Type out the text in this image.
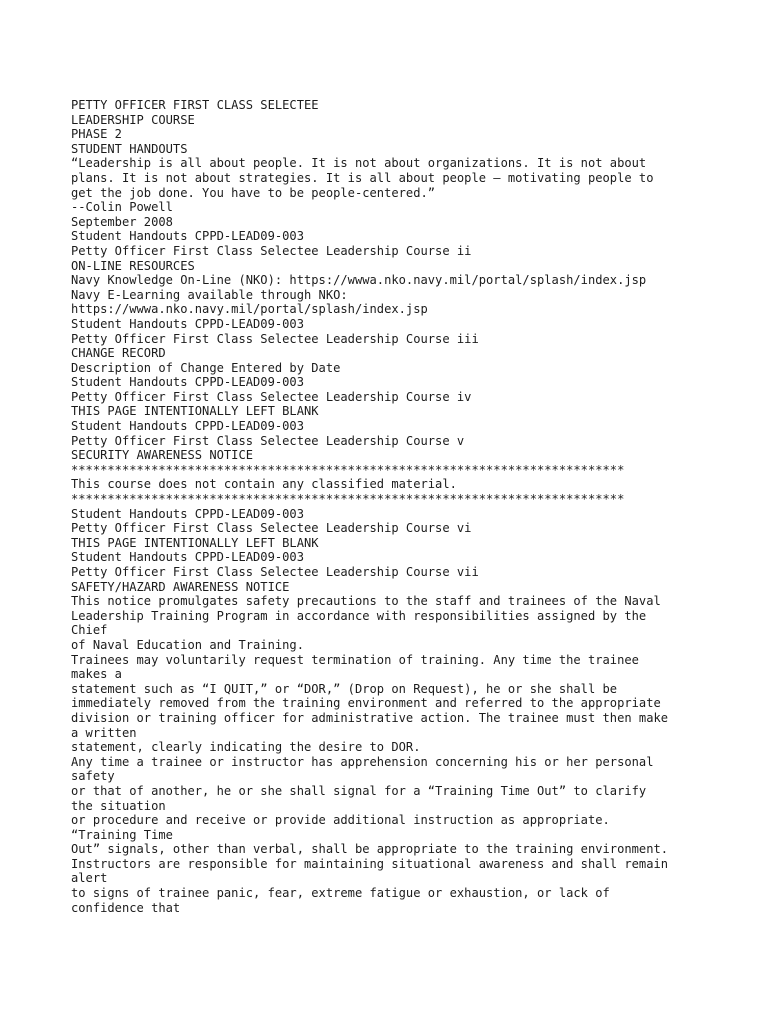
PETTY OFFICER FIRST CLASS SELECTEE
LEADERSHIP COURSE
PHASE 2
STUDENT HANDOUTS
“Leadership is all about people. It is not about organizations. It is not about
plans. It is not about strategies. It is all about people – motivating people to
get the job done. You have to be people-centered.”
--Colin Powell
September 2008
Student Handouts CPPD-LEAD09-003
Petty Officer First Class Selectee Leadership Course ii
ON-LINE RESOURCES
Navy Knowledge On-Line (NKO): https://wwwa.nko.navy.mil/portal/splash/index.jsp
Navy E-Learning available through NKO:
https://wwwa.nko.navy.mil/portal/splash/index.jsp
Student Handouts CPPD-LEAD09-003
Petty Officer First Class Selectee Leadership Course iii
CHANGE RECORD
Description of Change Entered by Date
Student Handouts CPPD-LEAD09-003
Petty Officer First Class Selectee Leadership Course iv
THIS PAGE INTENTIONALLY LEFT BLANK
Student Handouts CPPD-LEAD09-003
Petty Officer First Class Selectee Leadership Course v
SECURITY AWARENESS NOTICE
****************************************************************************
This course does not contain any classified material.
****************************************************************************
Student Handouts CPPD-LEAD09-003
Petty Officer First Class Selectee Leadership Course vi
THIS PAGE INTENTIONALLY LEFT BLANK
Student Handouts CPPD-LEAD09-003
Petty Officer First Class Selectee Leadership Course vii
SAFETY/HAZARD AWARENESS NOTICE
This notice promulgates safety precautions to the staff and trainees of the Naval
Leadership Training Program in accordance with responsibilities assigned by the
Chief
of Naval Education and Training.
Trainees may voluntarily request termination of training. Any time the trainee
makes a
statement such as “I QUIT,” or “DOR,” (Drop on Request), he or she shall be
immediately removed from the training environment and referred to the appropriate
division or training officer for administrative action. The trainee must then make
a written
statement, clearly indicating the desire to DOR.
Any time a trainee or instructor has apprehension concerning his or her personal
safety
or that of another, he or she shall signal for a “Training Time Out” to clarify
the situation
or procedure and receive or provide additional instruction as appropriate.
“Training Time
Out” signals, other than verbal, shall be appropriate to the training environment.
Instructors are responsible for maintaining situational awareness and shall remain
alert
to signs of trainee panic, fear, extreme fatigue or exhaustion, or lack of
confidence that
